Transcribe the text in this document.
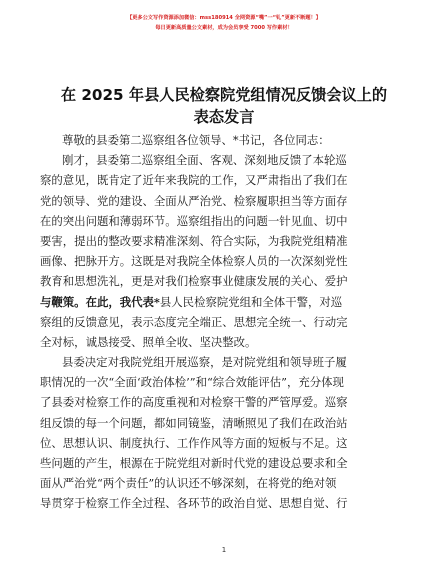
【更多公文写作资源添加微信：mss180914 全网资源“嘴”一“钆”更新不断题！】
每日更新高质量公文素材，成为会员享受 7000 写作素材！
在 2025 年县人民检察院党组情况反馈会议上的
表态发言
尊敬的县委第二巡察组各位领导、*书记，各位同志：
刚才，县委第二巡察组全面、客观、深刻地反馈了本轮巡
察的意见，既肯定了近年来我院的工作，又严肃指出了我们在
党的领导、党的建设、全面从严治党、检察履职担当等方面存
在的突出问题和薄弱环节。巡察组指出的问题一针见血、切中
要害，提出的整改要求精准深刻、符合实际，为我院党组精准
画像、把脉开方。这既是对我院全体检察人员的一次深刻党性
教育和思想洗礼，更是对我们检察事业健康发展的关心、爱护
与鞭策。在此，我代表*县人民检察院党组和全体干警，对巡
察组的反馈意见，表示态度完全端正、思想完全统一、行动完
全对标，诚恳接受、照单全收、坚决整改。
县委决定对我院党组开展巡察，是对院党组和领导班子履
职情况的一次“全面‘政治体检’”和“综合效能评估”，充分体现
了县委对检察工作的高度重视和对检察干警的严管厚爱。巡察
组反馈的每一个问题，都如同镜鉴，清晰照见了我们在政治站
位、思想认识、制度执行、工作作风等方面的短板与不足。这
些问题的产生，根源在于院党组对新时代党的建设总要求和全
面从严治党“两个责任”的认识还不够深刻，在将党的绝对领
导贯穿于检察工作全过程、各环节的政治自觉、思想自觉、行
1
